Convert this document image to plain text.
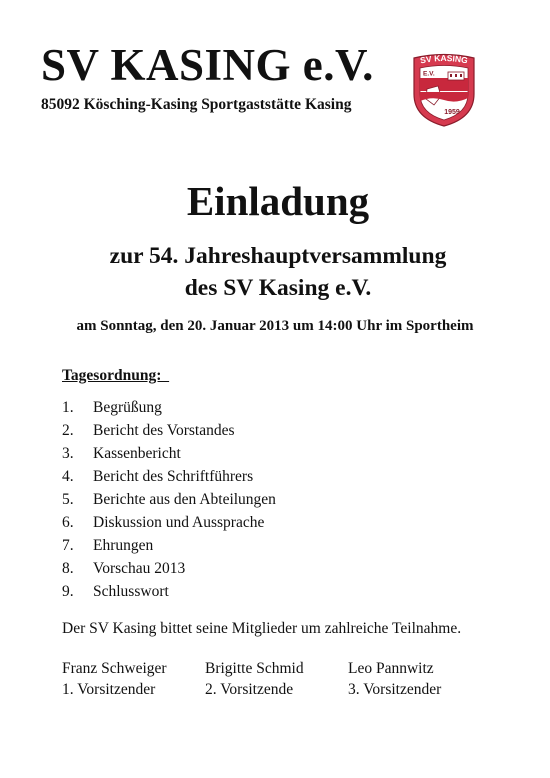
SV KASING e.V.
85092 Kösching-Kasing Sportgaststätte Kasing
SV KASING
E.V.
1959
Einladung
zur 54. Jahreshauptversammlung
des SV Kasing e.V.
am Sonntag, den 20. Januar 2013 um 14:00 Uhr im Sportheim
Tagesordnung:
1. Begrüßung
2. Bericht des Vorstandes
3. Kassenbericht
4. Bericht des Schriftführers
5. Berichte aus den Abteilungen
6. Diskussion und Aussprache
7. Ehrungen
8. Vorschau 2013
9. Schlusswort
Der SV Kasing bittet seine Mitglieder um zahlreiche Teilnahme.
Franz Schweiger
1. Vorsitzender
Brigitte Schmid
2. Vorsitzende
Leo Pannwitz
3. Vorsitzender
